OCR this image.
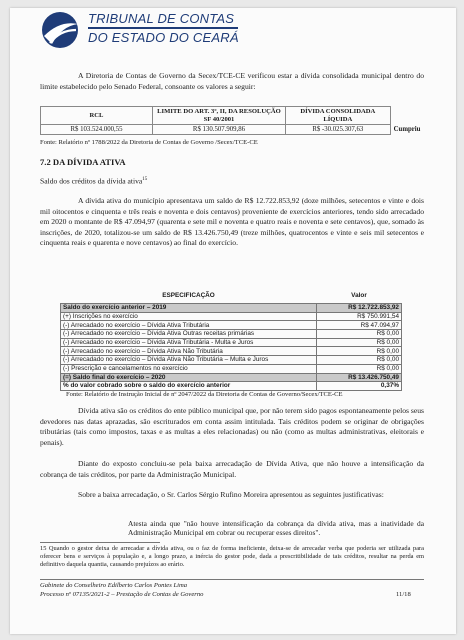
TRIBUNAL DE CONTAS
DO ESTADO DO CEARÁ

A Diretoria de Contas de Governo da Secex/TCE-CE verificou estar a dívida consolidada municipal dentro do limite estabelecido pelo Senado Federal, consoante os valores a seguir:

RCL	LIMITE DO ART. 3º, II, DA RESOLUÇÃO SF 40/2001	DÍVIDA CONSOLIDADA LÍQUIDA	
R$ 103.524.000,55	R$ 130.507.909,86	R$ -30.025.307,63	Cumpriu
Fonte: Relatório nº 1788/2022 da Diretoria de Contas de Governo /Secex/TCE-CE
7.2 DA DÍVIDA ATIVA
Saldo dos créditos da dívida ativa$^{15}$

A dívida ativa do município apresentava um saldo de R$ 12.722.853,92 (doze milhões, setecentos e vinte e dois mil oitocentos e cinquenta e três reais e noventa e dois centavos) proveniente de exercícios anteriores, tendo sido arrecadado em 2020 o montante de R$ 47.094,97 (quarenta e sete mil e noventa e quatro reais e noventa e sete centavos), que, somado às inscrições, de 2020, totalizou-se um saldo de R$ 13.426.750,49 (treze milhões, quatrocentos e vinte e seis mil setecentos e cinquenta reais e quarenta e nove centavos) ao final do exercício.

ESPECIFICAÇÃO	Valor
Saldo do exercício anterior – 2019	R$ 12.722.853,92
(+) Inscrições no exercício	R$ 750.991,54
(-) Arrecadado no exercício – Dívida Ativa Tributária	R$ 47.094,97
(-) Arrecadado no exercício – Dívida Ativa Outras receitas primárias	R$ 0,00
(-) Arrecadado no exercício – Dívida Ativa Tributária - Multa e Juros	R$ 0,00
(-) Arrecadado no exercício – Dívida Ativa Não Tributária	R$ 0,00
(-) Arrecadado no exercício – Dívida Ativa Não Tributária – Multa e Juros	R$ 0,00
(-) Prescrição e cancelamentos no exercício	R$ 0,00
(=) Saldo final do exercício – 2020	R$ 13.426.750,49
% do valor cobrado sobre o saldo do exercício anterior	0,37%
Fonte: Relatório de Instrução Inicial de nº 2047/2022 da Diretoria de Contas de Governo/Secex/TCE-CE

Dívida ativa são os créditos do ente público municipal que, por não terem sido pagos espontaneamente pelos seus devedores nas datas aprazadas, são escriturados em conta assim intitulada. Tais créditos podem se originar de obrigações tributárias (tais como impostos, taxas e as multas a eles relacionadas) ou não (como as multas administrativas, eleitorais e penais).

Diante do exposto concluiu-se pela baixa arrecadação de Dívida Ativa, que não houve a intensificação da cobrança de tais créditos, por parte da Administração Municipal.

Sobre a baixa arrecadação, o Sr. Carlos Sérgio Rufino Moreira apresentou as seguintes justificativas:

Atesta ainda que "não houve intensificação da cobrança da dívida ativa, mas a inatividade da Administração Municipal em cobrar ou recuperar esses direitos".

15 Quando o gestor deixa de arrecadar a dívida ativa, ou o faz de forma ineficiente, deixa-se de arrecadar verba que poderia ser utilizada para oferecer bens e serviços à população e, a longo prazo, a inércia do gestor pode, dada a prescritibilidade de tais créditos, resultar na perda em definitivo daquela quantia, causando prejuízos ao erário.
Gabinete do Conselheiro Edilberto Carlos Pontes Lima
Processo nº 07135/2021-2 – Prestação de Contas de Governo	11/18
